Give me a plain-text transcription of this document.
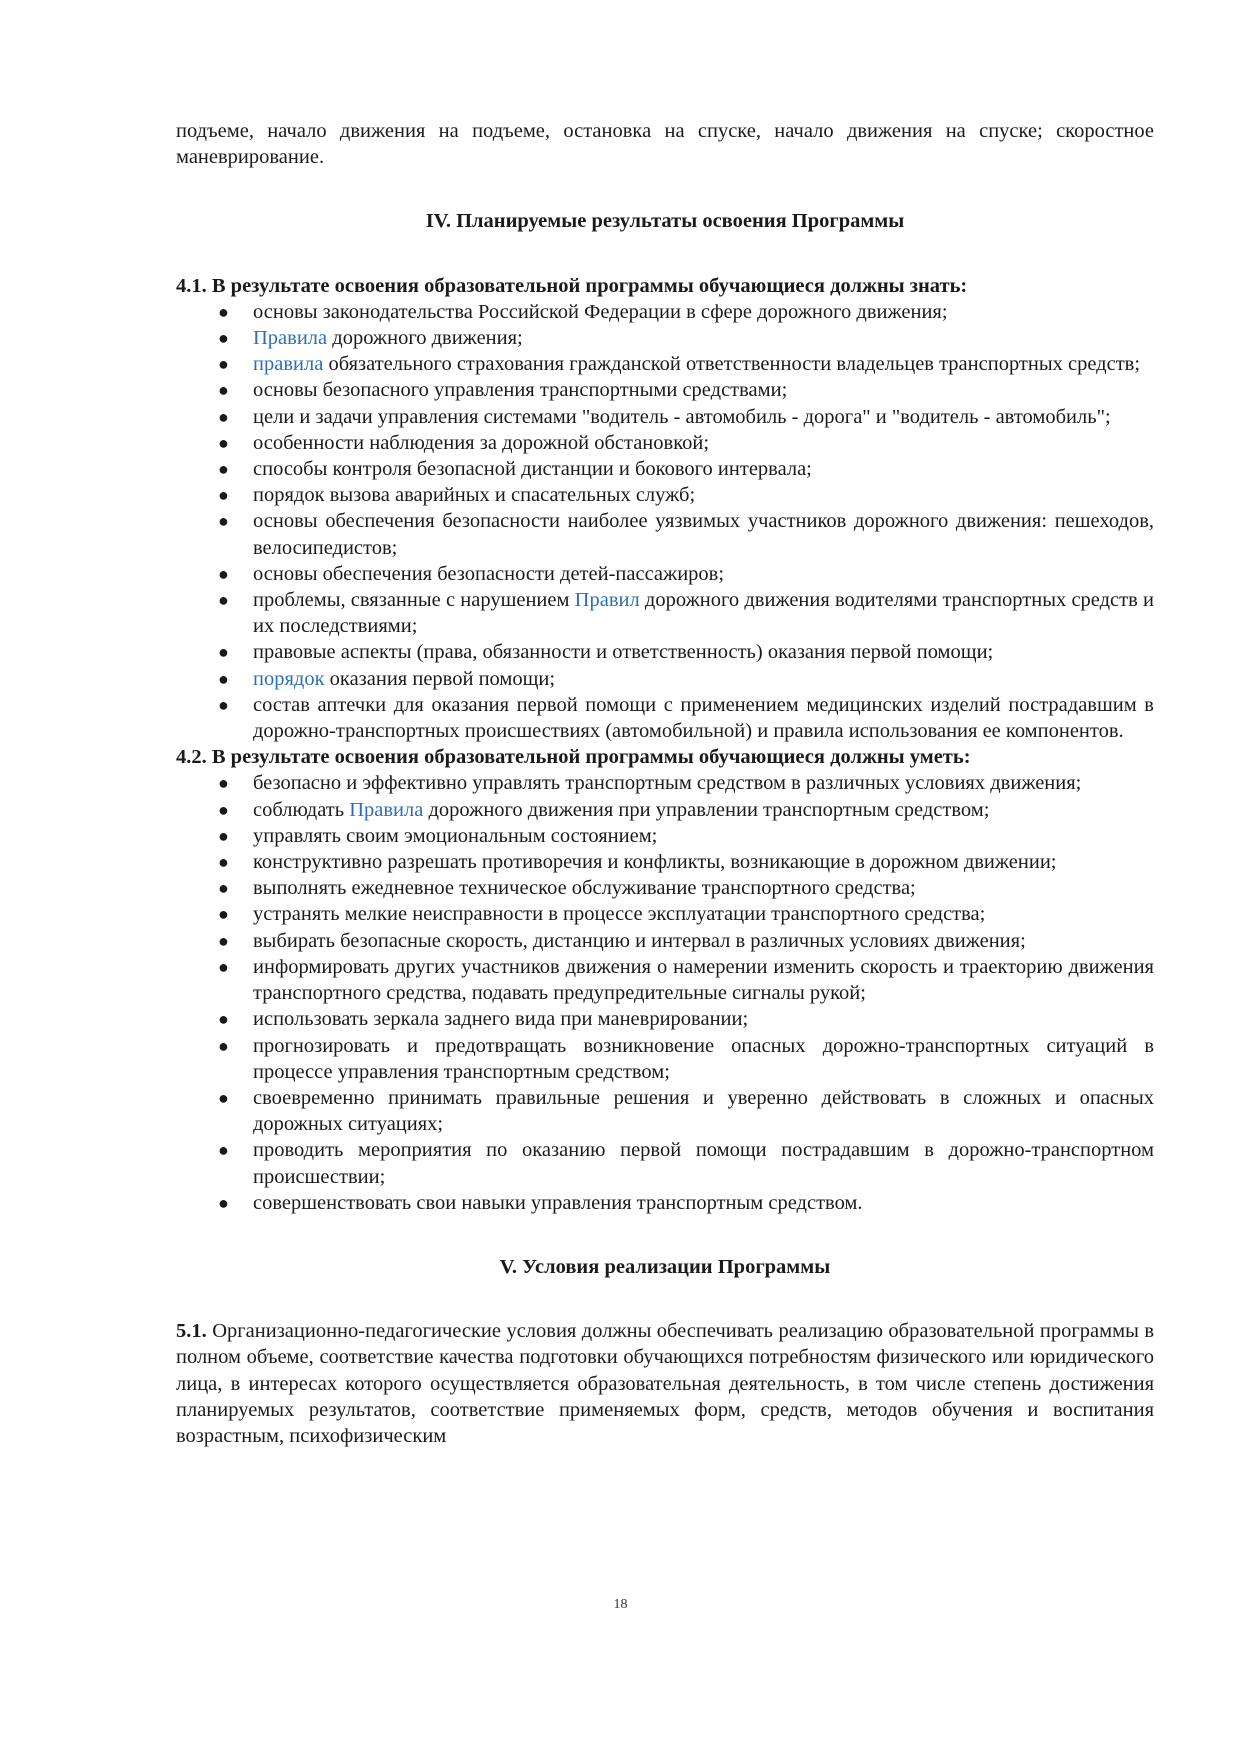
подъеме, начало движения на подъеме, остановка на спуске, начало движения на спуске; скоростное

маневрирование.

IV. Планируемые результаты освоения Программы

4.1. В результате освоения образовательной программы обучающиеся должны знать:

● основы законодательства Российской Федерации в сфере дорожного движения;
● Правила дорожного движения;
● правила обязательного страхования гражданской ответственности владельцев транспортных средств;
● основы безопасного управления транспортными средствами;
● цели и задачи управления системами "водитель - автомобиль - дорога" и "водитель - автомобиль";
● особенности наблюдения за дорожной обстановкой;
● способы контроля безопасной дистанции и бокового интервала;
● порядок вызова аварийных и спасательных служб;
● основы обеспечения безопасности наиболее уязвимых участников дорожного движения: пешеходов, велосипедистов;
● основы обеспечения безопасности детей-пассажиров;
● проблемы, связанные с нарушением Правил дорожного движения водителями транспортных средств и их последствиями;
● правовые аспекты (права, обязанности и ответственность) оказания первой помощи;
● порядок оказания первой помощи;
● состав аптечки для оказания первой помощи с применением медицинских изделий пострадавшим в дорожно-транспортных происшествиях (автомобильной) и правила использования ее компонентов.

4.2. В результате освоения образовательной программы обучающиеся должны уметь:

● безопасно и эффективно управлять транспортным средством в различных условиях движения;
● соблюдать Правила дорожного движения при управлении транспортным средством;
● управлять своим эмоциональным состоянием;
● конструктивно разрешать противоречия и конфликты, возникающие в дорожном движении;
● выполнять ежедневное техническое обслуживание транспортного средства;
● устранять мелкие неисправности в процессе эксплуатации транспортного средства;
● выбирать безопасные скорость, дистанцию и интервал в различных условиях движения;
● информировать других участников движения о намерении изменить скорость и траекторию движения транспортного средства, подавать предупредительные сигналы рукой;
● использовать зеркала заднего вида при маневрировании;
● прогнозировать и предотвращать возникновение опасных дорожно-транспортных ситуаций в процессе управления транспортным средством;
● своевременно принимать правильные решения и уверенно действовать в сложных и опасных дорожных ситуациях;
● проводить мероприятия по оказанию первой помощи пострадавшим в дорожно-транспортном происшествии;
● совершенствовать свои навыки управления транспортным средством.
V. Условия реализации Программы

5.1. Организационно-педагогические условия должны обеспечивать реализацию образовательной программы в полном объеме, соответствие качества подготовки обучающихся потребностям физического или юридического лица, в интересах которого осуществляется образовательная деятельность, в том числе степень достижения планируемых результатов, соответствие применяемых форм, средств, методов обучения и воспитания возрастным, психофизическим

18
